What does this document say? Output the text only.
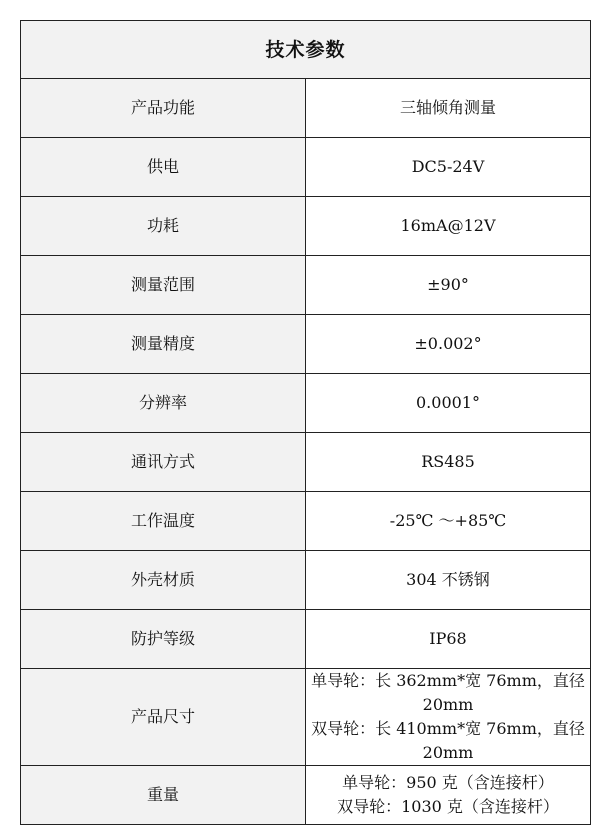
技术参数	
产品功能	三轴倾角测量

供电	DC5-24V

功耗	16mA@12V

测量范围	±90°

测量精度	±0.002°

分辨率	0.0001°

通讯方式	RS485

工作温度	-25℃ ～+85℃

外壳材质	304 不锈钢

防护等级	IP68

产品尺寸	单导轮：长 362mm*宽 76mm，直径 20mm
双导轮：长 410mm*宽 76mm，直径 20mm

重量	单导轮：950 克（含连接杆）
双导轮：1030 克（含连接杆）
